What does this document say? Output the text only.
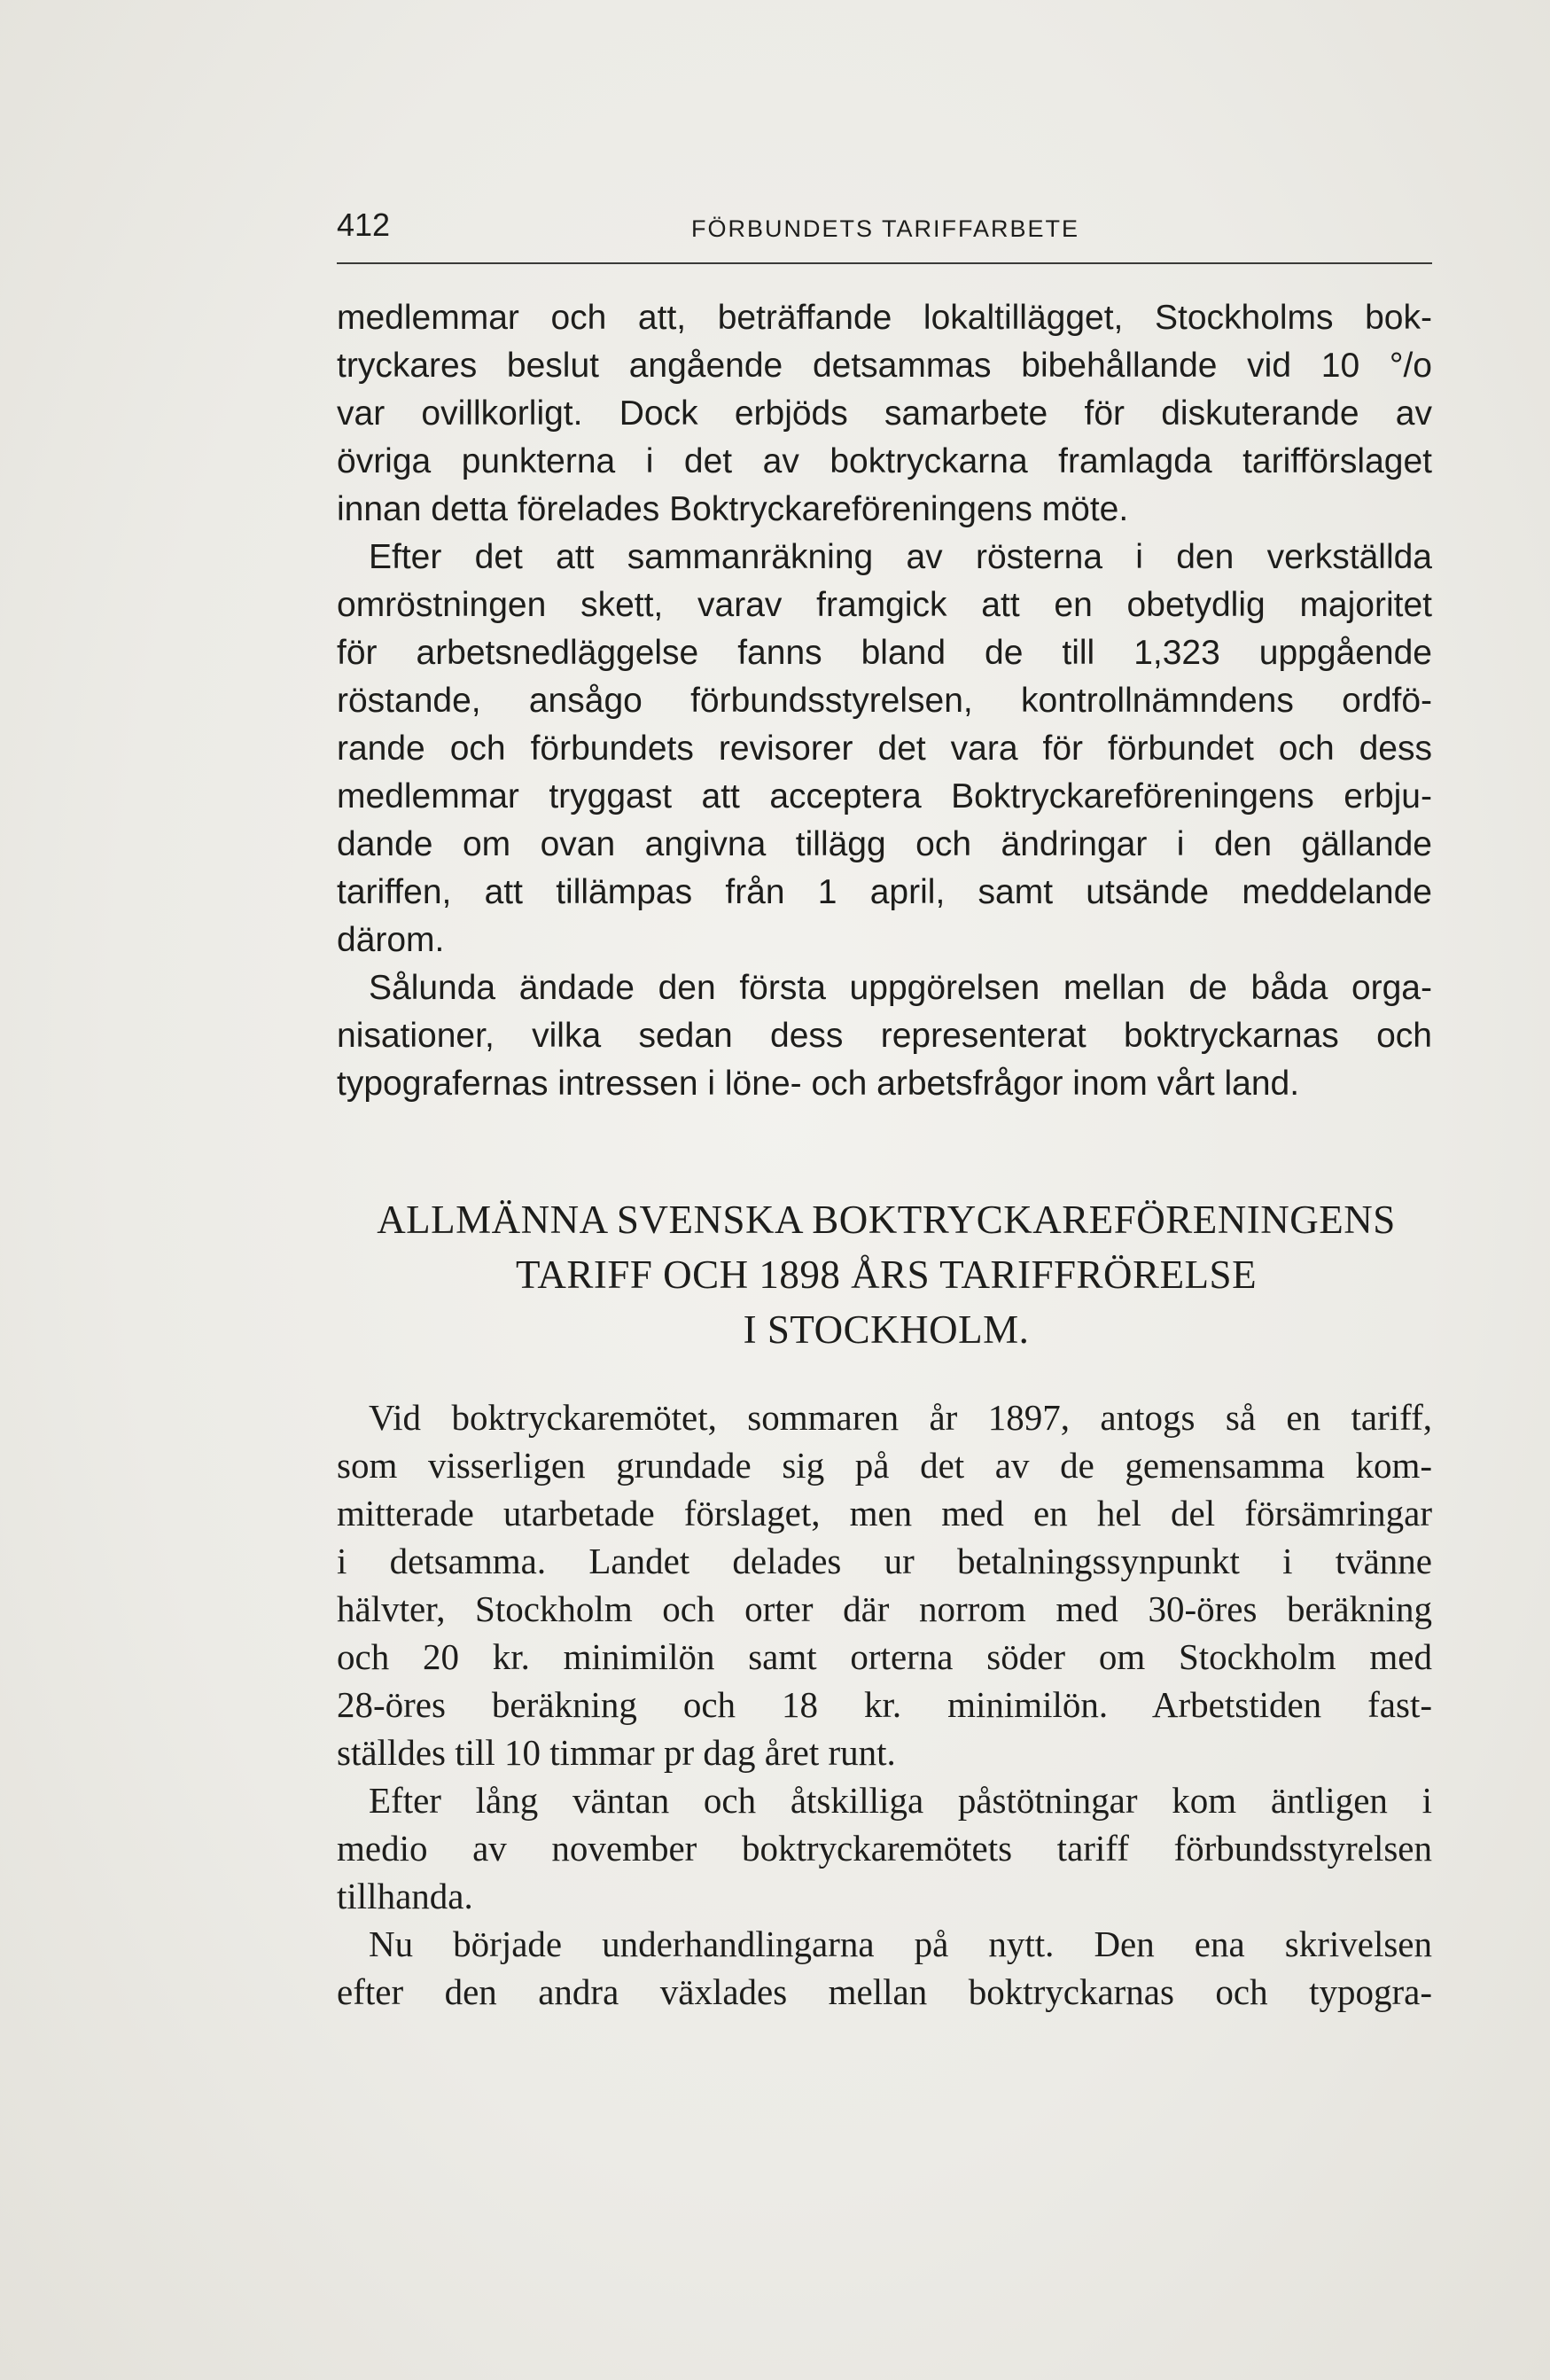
412	FÖRBUNDETS TARIFFARBETE
medlemmar och att, beträffande lokaltillägget, Stockholms bok-
tryckares beslut angående detsammas bibehållande vid 10 °/o
var ovillkorligt. Dock erbjöds samarbete för diskuterande av
övriga punkterna i det av boktryckarna framlagda tarifförslaget
innan detta förelades Boktryckareföreningens möte.
Efter det att sammanräkning av rösterna i den verkställda
omröstningen skett, varav framgick att en obetydlig majoritet
för arbetsnedläggelse fanns bland de till 1,323 uppgående
röstande, ansågo förbundsstyrelsen, kontrollnämndens ordfö-
rande och förbundets revisorer det vara för förbundet och dess
medlemmar tryggast att acceptera Boktryckareföreningens erbju-
dande om ovan angivna tillägg och ändringar i den gällande
tariffen, att tillämpas från 1 april, samt utsände meddelande
därom.
Sålunda ändade den första uppgörelsen mellan de båda orga-
nisationer, vilka sedan dess representerat boktryckarnas och
typografernas intressen i löne- och arbetsfrågor inom vårt land.
ALLMÄNNA SVENSKA BOKTRYCKAREFÖRENINGENS
TARIFF OCH 1898 ÅRS TARIFFRÖRELSE
I STOCKHOLM.
Vid boktryckaremötet, sommaren år 1897, antogs så en tariff,
som visserligen grundade sig på det av de gemensamma kom-
mitterade utarbetade förslaget, men med en hel del försämringar
i detsamma. Landet delades ur betalningssynpunkt i tvänne
hälvter, Stockholm och orter där norrom med 30-öres beräkning
och 20 kr. minimilön samt orterna söder om Stockholm med
28-öres beräkning och 18 kr. minimilön. Arbetstiden fast-
ställdes till 10 timmar pr dag året runt.
Efter lång väntan och åtskilliga påstötningar kom äntligen i
medio av november boktryckaremötets tariff förbundsstyrelsen
tillhanda.
Nu började underhandlingarna på nytt. Den ena skrivelsen
efter den andra växlades mellan boktryckarnas och typogra-
